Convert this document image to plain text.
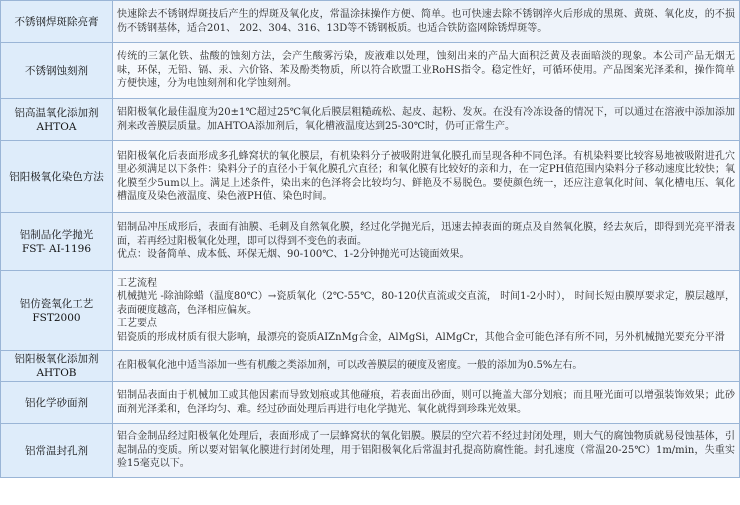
不锈钢焊斑除亮膏	快速除去不锈钢焊斑技后产生的焊斑及氧化皮，常温涂抹操作方便、简单。也可快速去除不锈钢淬火后形成的黑斑、黄斑、氧化皮，的不损伤不锈钢基体，适合201、 202、304、316、13D等不锈钢板质。也适合铁防盗网除锈焊斑等。

不锈钢蚀刻剂	传统的三氯化铁、盐酸的蚀刻方法，会产生酸雾污染，废液难以处理，蚀刻出来的产品大面积泛黄及表面暗淡的现象。本公司产品无烟无味，环保，无铅、镉、汞、六价铬、苯及酚类物质，所以符合欧盟工业RoHS指令。稳定性好，可循环使用。产品图案光泽柔和，操作简单方便快速，分为电蚀刻剂和化学蚀刻剂。

铝高温氧化添加剂
AHTOA	铝阳极氧化最佳温度为20±1℃超过25℃氧化后膜层粗糙疏松、起皮、起粉、发灰。在没有冷冻设备的情况下，可以通过在溶液中添加添加剂来改善膜层质量。加AHTOA添加剂后，氧化槽液温度达到25-30℃时，仍可正常生产。

铝阳极氧化染色方法	铝阳极氧化后表面形成多孔蜂窝状的氧化膜层，有机染料分子被吸附进氧化膜孔而呈现各种不同色泽。有机染料要比较容易地被吸附进孔穴里必须满足以下条件：染料分子的直径小于氧化膜孔穴直径；和氧化膜有比较好的亲和力，在一定PH值范围内染料分子移动速度比较快；氧化膜至少5um以上。满足上述条件，染出来的色泽将会比较均匀、鲜艳及不易脱色。要使颜色统一，还应注意氧化时间、氧化槽电压、氧化槽温度及染色液温度、染色液PH值、染色时间。

铝制品化学抛光
FST- AI-1196	铝制品冲压成形后，表面有油膜、毛刺及自然氧化膜，经过化学抛光后，迅速去掉表面的斑点及自然氧化膜，经去灰后，即得到光亮平滑表面，若再经过阳极氧化处理，即可以得到不变色的表面。
优点：设备简单、成本低、环保无烟、90-100℃、1-2分钟抛光可达镜面效果。

铝仿瓷氧化工艺
FST2000	工艺流程
机械抛光 -除油除蜡（温度80℃）→瓷质氧化（2℃-55℃，80-120伏直流或交直流， 时间1-2小时）， 时间长短由膜厚要求定，膜层越厚，表面硬度越高，色泽相应偏灰。
工艺要点
铝瓷质的形成材质有很大影响，最漂亮的瓷质AIZnMg合金，AlMgSi，AlMgCr，其他合金可能色泽有所不同，另外机械抛光要充分平滑

铝阳极氧化添加剂
AHTOB	在阳极氧化池中适当添加一些有机酸之类添加剂，可以改善膜层的硬度及密度。一般的添加为0.5%左右。

铝化学砂面剂	铝制品表面由于机械加工或其他因素而导致划痕或其他碰痕，若表面出砂面，则可以掩盖大部分划痕；而且哑光面可以增强装饰效果；此砂面剂光泽柔和，色泽均匀、难。经过砂面处理后再进行电化学抛光、氧化就得到珍珠光效果。

铝常温封孔剂	铝合金制品经过阳极氧化处理后，表面形成了一层蜂窝状的氧化铝膜。膜层的空穴若不经过封闭处理，则大气的腐蚀物质就易侵蚀基体，引起制品的变质。所以要对铝氧化膜进行封闭处理，用于铝阳极氧化后常温封孔提高防腐性能。封孔速度（常温20-25℃）1m/min，失重实验15毫克以下。
